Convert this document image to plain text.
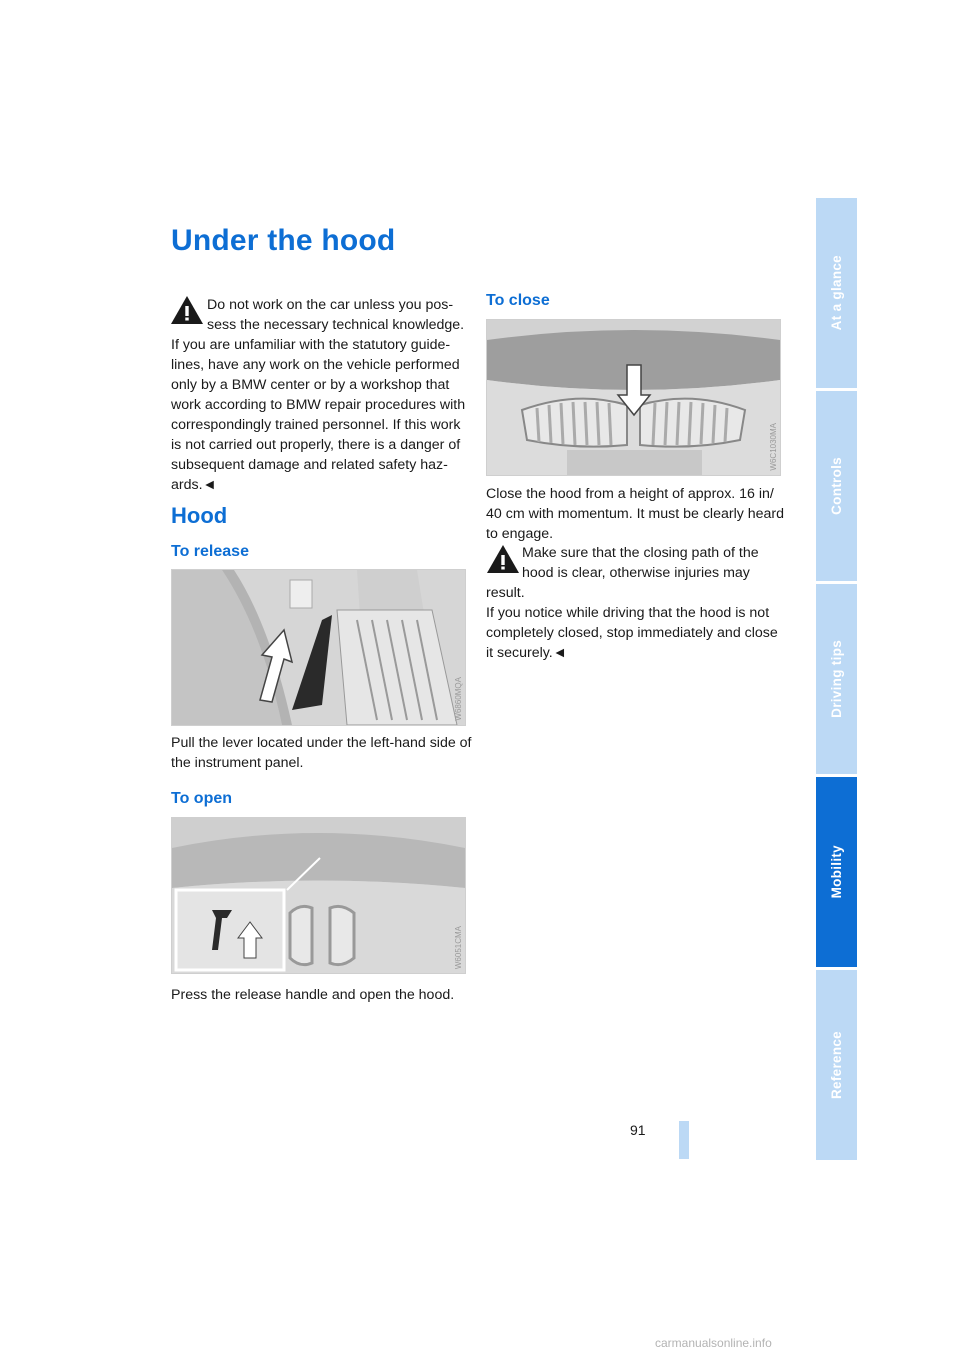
Under the hood
Do not work on the car unless you pos-
sess the necessary technical knowledge.
If you are unfamiliar with the statutory guide-
lines, have any work on the vehicle performed
only by a BMW center or by a workshop that
work according to BMW repair procedures with
correspondingly trained personnel. If this work
is not carried out properly, there is a danger of
subsequent damage and related safety haz-
ards.◄
Hood
To release
W6860MQA
Pull the lever located under the left-hand side of
the instrument panel.
To open
W6051CMA
Press the release handle and open the hood.
To close
W6C1030MA
Close the hood from a height of approx. 16 in/
40 cm with momentum. It must be clearly heard
to engage.
Make sure that the closing path of the
hood is clear, otherwise injuries may
result.
If you notice while driving that the hood is not
completely closed, stop immediately and close
it securely.◄
At a glance
Controls
Driving tips
Mobility
Reference
91
carmanualsonline.info
